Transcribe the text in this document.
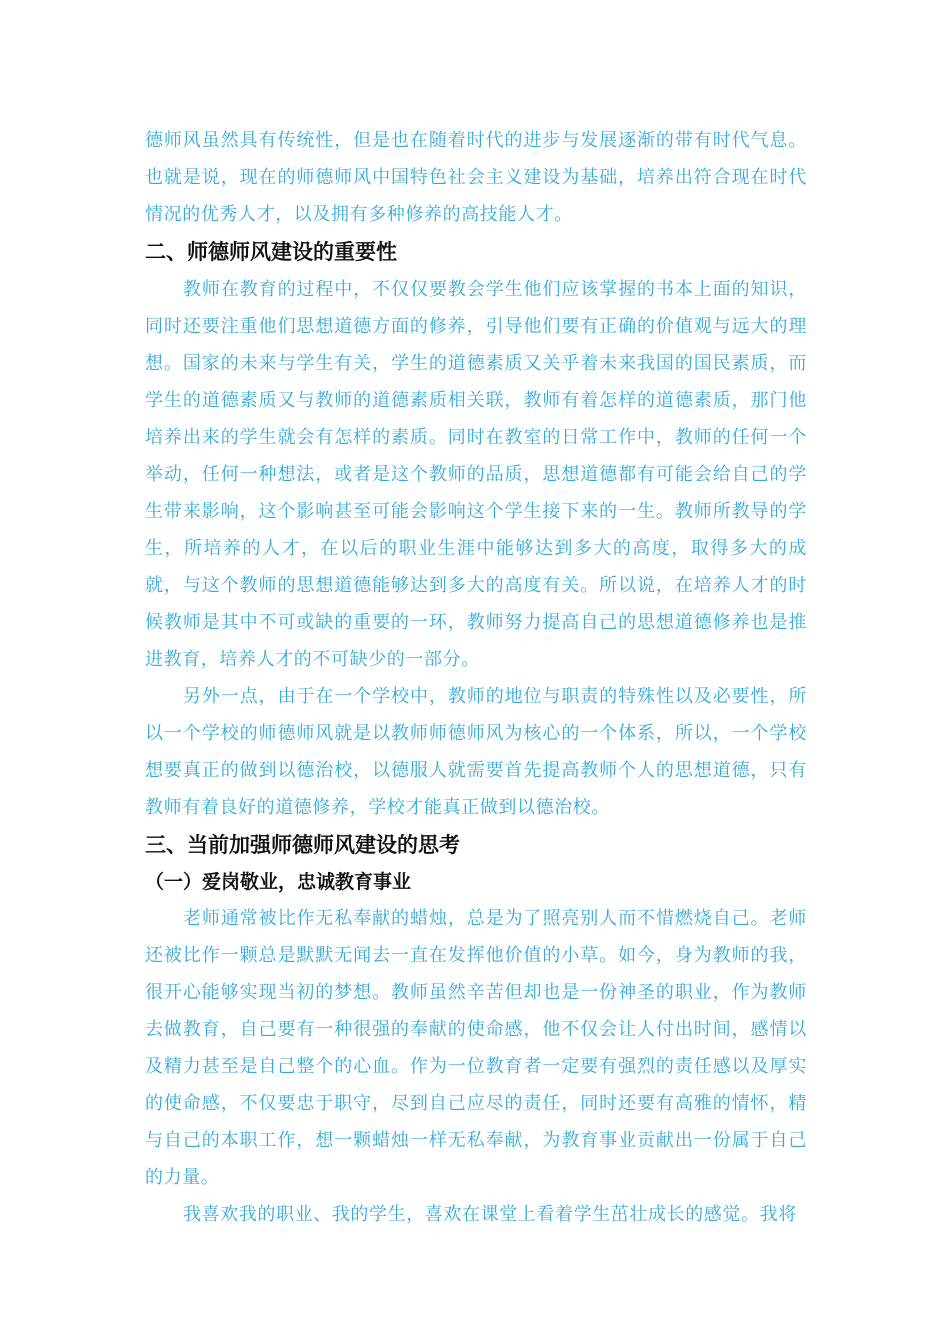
德师风虽然具有传统性，但是也在随着时代的进步与发展逐渐的带有时代气息。也就是说，现在的师德师风中国特色社会主义建设为基础，培养出符合现在时代情况的优秀人才，以及拥有多种修养的高技能人才。

二、师德师风建设的重要性

教师在教育的过程中，不仅仅要教会学生他们应该掌握的书本上面的知识，同时还要注重他们思想道德方面的修养，引导他们要有正确的价值观与远大的理想。国家的未来与学生有关，学生的道德素质又关乎着未来我国的国民素质，而学生的道德素质又与教师的道德素质相关联，教师有着怎样的道德素质，那门他培养出来的学生就会有怎样的素质。同时在教室的日常工作中，教师的任何一个举动，任何一种想法，或者是这个教师的品质，思想道德都有可能会给自己的学生带来影响，这个影响甚至可能会影响这个学生接下来的一生。教师所教导的学生，所培养的人才，在以后的职业生涯中能够达到多大的高度，取得多大的成就，与这个教师的思想道德能够达到多大的高度有关。所以说，在培养人才的时候教师是其中不可或缺的重要的一环，教师努力提高自己的思想道德修养也是推进教育，培养人才的不可缺少的一部分。

另外一点，由于在一个学校中，教师的地位与职责的特殊性以及必要性，所以一个学校的师德师风就是以教师师德师风为核心的一个体系，所以，一个学校想要真正的做到以德治校，以德服人就需要首先提高教师个人的思想道德，只有教师有着良好的道德修养，学校才能真正做到以德治校。

三、当前加强师德师风建设的思考
（一）爱岗敬业，忠诚教育事业

老师通常被比作无私奉献的蜡烛，总是为了照亮别人而不惜燃烧自己。老师还被比作一颗总是默默无闻去一直在发挥他价值的小草。如今，身为教师的我，很开心能够实现当初的梦想。教师虽然辛苦但却也是一份神圣的职业，作为教师去做教育，自己要有一种很强的奉献的使命感，他不仅会让人付出时间，感情以及精力甚至是自己整个的心血。作为一位教育者一定要有强烈的责任感以及厚实的使命感，不仅要忠于职守，尽到自己应尽的责任，同时还要有高雅的情怀，精与自己的本职工作，想一颗蜡烛一样无私奉献，为教育事业贡献出一份属于自己的力量。

我喜欢我的职业、我的学生，喜欢在课堂上看着学生茁壮成长的感觉。我将
